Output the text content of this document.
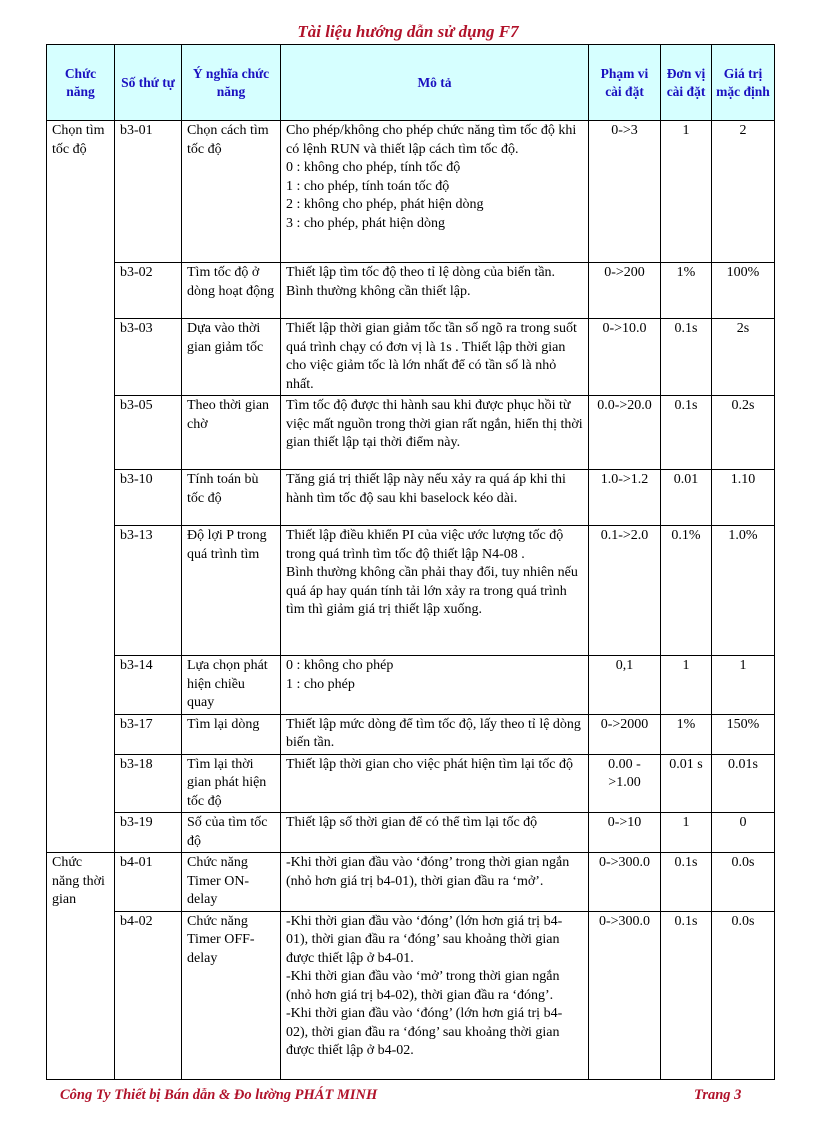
Tài liệu hướng dẫn sử dụng F7
Chức năng	Số thứ tự	Ý nghĩa chức năng	Mô tả	Phạm vi cài đặt	Đơn vị cài đặt	Giá trị mặc định
Chọn tìm tốc độ	b3-01	Chọn cách tìm tốc độ	Cho phép/không cho phép chức năng tìm tốc độ khi có lệnh RUN và thiết lập cách tìm tốc độ.
0 : không cho phép, tính tốc độ
1 : cho phép, tính toán tốc độ
2 : không cho phép, phát hiện dòng
3 : cho phép, phát hiện dòng	0->3	1	2
	b3-02	Tìm tốc độ ở dòng hoạt động	Thiết lập tìm tốc độ theo tỉ lệ dòng của biến tần. Bình thường không cần thiết lập.	0->200	1%	100%
	b3-03	Dựa vào thời gian giảm tốc	Thiết lập thời gian giảm tốc tần số ngõ ra trong suốt quá trình chạy có đơn vị là 1s . Thiết lập thời gian cho việc giảm tốc là lớn nhất để có tần số là nhỏ nhất.	0->10.0	0.1s	2s
	b3-05	Theo thời gian chờ	Tìm tốc độ được thi hành sau khi được phục hồi từ việc mất nguồn trong thời gian rất ngắn, hiển thị thời gian thiết lập tại thời điểm này.	0.0->20.0	0.1s	0.2s
	b3-10	Tính toán bù tốc độ	Tăng giá trị thiết lập này nếu xảy ra quá áp khi thi hành tìm tốc độ sau khi baselock kéo dài.	1.0->1.2	0.01	1.10
	b3-13	Độ lợi P trong quá trình tìm	Thiết lập điều khiển PI của việc ước lượng tốc độ trong quá trình tìm tốc độ thiết lập N4-08 .
Bình thường không cần phải thay đổi, tuy nhiên nếu quá áp hay quán tính tải lớn xảy ra trong quá trình tìm thì giảm giá trị thiết lập xuống.	0.1->2.0	0.1%	1.0%
	b3-14	Lựa chọn phát hiện chiều quay	0 : không cho phép
1 : cho phép	0,1	1	1
	b3-17	Tìm lại dòng	Thiết lập mức dòng để tìm tốc độ, lấy theo tỉ lệ dòng biến tần.	0->2000	1%	150%
	b3-18	Tìm lại thời gian phát hiện tốc độ	Thiết lập thời gian cho việc phát hiện tìm lại tốc độ	0.00 ->1.00	0.01 s	0.01s
	b3-19	Số của tìm tốc độ	Thiết lập số thời gian để có thể tìm lại tốc độ	0->10	1	0
Chức năng thời gian	b4-01	Chức năng Timer ON-delay	-Khi thời gian đầu vào ‘đóng’ trong thời gian ngắn (nhỏ hơn giá trị b4-01), thời gian đầu ra ‘mở’.	0->300.0	0.1s	0.0s
	b4-02	Chức năng Timer OFF-delay	-Khi thời gian đầu vào ‘đóng’ (lớn hơn giá trị b4-01), thời gian đầu ra ‘đóng’ sau khoảng thời gian được thiết lập ở b4-01.
-Khi thời gian đầu vào ‘mở’ trong thời gian ngắn (nhỏ hơn giá trị b4-02), thời gian đầu ra ‘đóng’.
-Khi thời gian đầu vào ‘đóng’ (lớn hơn giá trị b4-02), thời gian đầu ra ‘đóng’ sau khoảng thời gian được thiết lập ở b4-02.	0->300.0	0.1s	0.0s
Công Ty Thiết bị Bán dẫn & Đo lường PHÁT MINH	Trang 3
